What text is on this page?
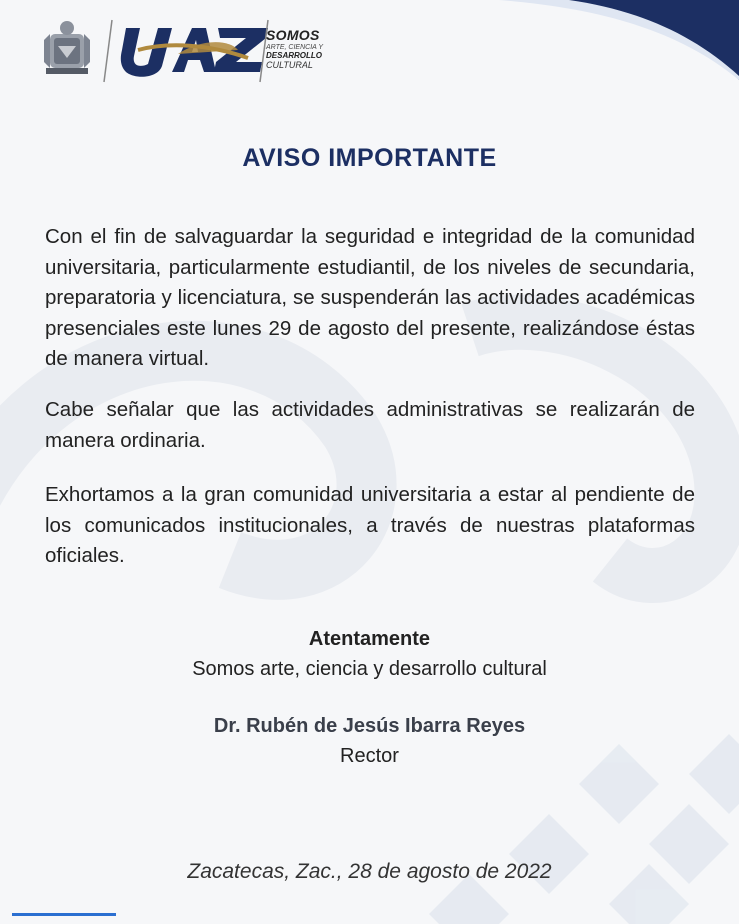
SOMOS
ARTE, CIENCIA Y
DESARROLLO
CULTURAL
AVISO IMPORTANTE

Con el fin de salvaguardar la seguridad e integridad de la comunidad universitaria, particularmente estudiantil, de los niveles de secundaria, preparatoria y licenciatura, se suspenderán las actividades académicas presenciales este lunes 29 de agosto del presente, realizándose éstas de manera virtual.

Cabe señalar que las actividades administrativas se realizarán de manera ordinaria.

Exhortamos a la gran comunidad universitaria a estar al pendiente de los comunicados institucionales, a través de nuestras plataformas oficiales.

Atentamente
Somos arte, ciencia y desarrollo cultural
Dr. Rubén de Jesús Ibarra Reyes
Rector
Zacatecas, Zac., 28 de agosto de 2022
